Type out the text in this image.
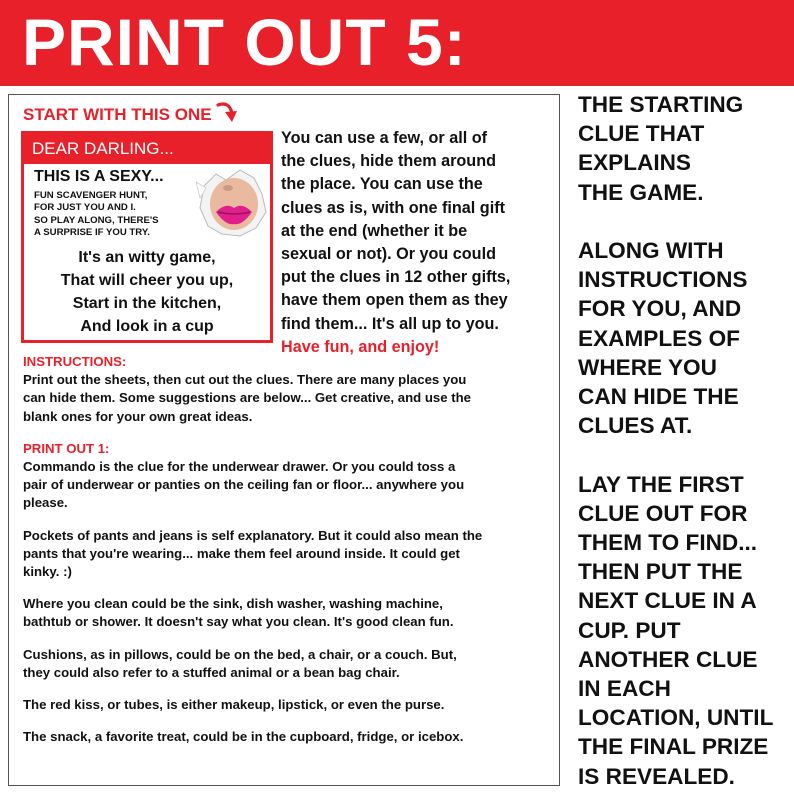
PRINT OUT 5:
START WITH THIS ONE
DEAR DARLING...
THIS IS A SEXY...
FUN SCAVENGER HUNT,
FOR JUST YOU AND I.
SO PLAY ALONG, THERE'S
A SURPRISE IF YOU TRY.
It's an witty game,
That will cheer you up,
Start in the kitchen,
And look in a cup
You can use a few, or all of
the clues, hide them around
the place. You can use the
clues as is, with one final gift
at the end (whether it be
sexual or not). Or you could
put the clues in 12 other gifts,
have them open them as they
find them... It's all up to you.
Have fun, and enjoy!
INSTRUCTIONS:
Print out the sheets, then cut out the clues. There are many places you
can hide them. Some suggestions are below... Get creative, and use the
blank ones for your own great ideas.
PRINT OUT 1:
Commando is the clue for the underwear drawer. Or you could toss a
pair of underwear or panties on the ceiling fan or floor... anywhere you
please.
Pockets of pants and jeans is self explanatory. But it could also mean the
pants that you're wearing... make them feel around inside. It could get
kinky. :)
Where you clean could be the sink, dish washer, washing machine,
bathtub or shower. It doesn't say what you clean. It's good clean fun.
Cushions, as in pillows, could be on the bed, a chair, or a couch. But,
they could also refer to a stuffed animal or a bean bag chair.
The red kiss, or tubes, is either makeup, lipstick, or even the purse.
The snack, a favorite treat, could be in the cupboard, fridge, or icebox.
THE STARTING
CLUE THAT
EXPLAINS
THE GAME.
ALONG WITH
INSTRUCTIONS
FOR YOU, AND
EXAMPLES OF
WHERE YOU
CAN HIDE THE
CLUES AT.
LAY THE FIRST
CLUE OUT FOR
THEM TO FIND...
THEN PUT THE
NEXT CLUE IN A
CUP. PUT
ANOTHER CLUE
IN EACH
LOCATION, UNTIL
THE FINAL PRIZE
IS REVEALED.
